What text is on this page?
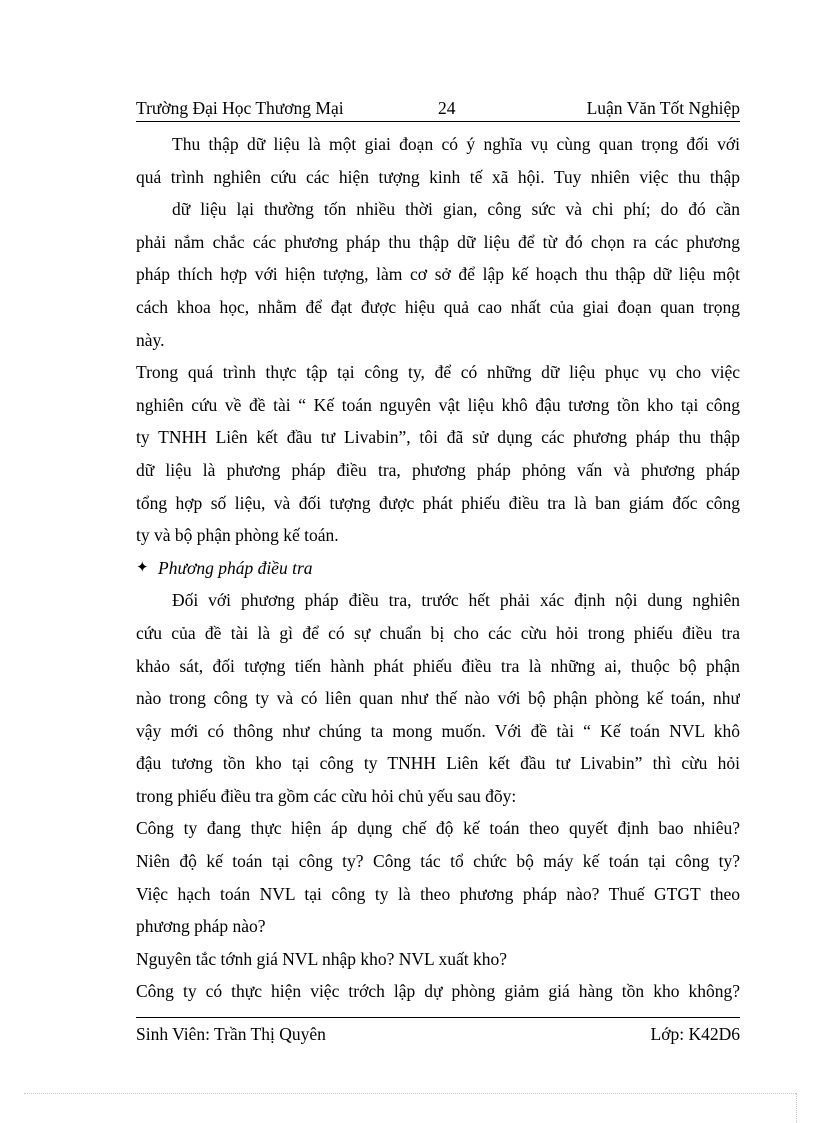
Trường Đại Học Thương Mại	24	Luận Văn Tốt Nghiệp
Thu thập dữ liệu là một giai đoạn có ý nghĩa vụ cùng quan trọng đối với
quá trình nghiên cứu các hiện tượng kinh tế xã hội. Tuy nhiên việc thu thập
dữ liệu lại thường tốn nhiều thời gian, công sức và chi phí; do đó cần
phải nắm chắc các phương pháp thu thập dữ liệu để từ đó chọn ra các phương
pháp thích hợp với hiện tượng, làm cơ sở để lập kế hoạch thu thập dữ liệu một
cách khoa học, nhằm để đạt được hiệu quả cao nhất của giai đoạn quan trọng
này.
Trong quá trình thực tập tại công ty, để có những dữ liệu phục vụ cho việc
nghiên cứu về đề tài “ Kế toán nguyên vật liệu khô đậu tương tồn kho tại công
ty TNHH Liên kết đầu tư Livabin”, tôi đã sử dụng các phương pháp thu thập
dữ liệu là phương pháp điều tra, phương pháp phỏng vấn và phương pháp
tổng hợp số liệu, và đối tượng được phát phiếu điều tra là ban giám đốc công
ty và bộ phận phòng kế toán.
✦ Phương pháp điều tra
Đối với phương pháp điều tra, trước hết phải xác định nội dung nghiên
cứu của đề tài là gì để có sự chuẩn bị cho các cừu hỏi trong phiếu điều tra
khảo sát, đối tượng tiến hành phát phiếu điều tra là những ai, thuộc bộ phận
nào trong công ty và có liên quan như thế nào với bộ phận phòng kế toán, như
vậy mới có thông như chúng ta mong muốn. Với đề tài “ Kế toán NVL khô
đậu tương tồn kho tại công ty TNHH Liên kết đầu tư Livabin” thì cừu hỏi
trong phiếu điều tra gồm các cừu hỏi chủ yếu sau đõy:
Công ty đang thực hiện áp dụng chế độ kế toán theo quyết định bao nhiêu?
Niên độ kế toán tại công ty? Công tác tổ chức bộ máy kế toán tại công ty?
Việc hạch toán NVL tại công ty là theo phương pháp nào? Thuế GTGT theo
phương pháp nào?
Nguyên tắc tớnh giá NVL nhập kho? NVL xuất kho?
Công ty có thực hiện việc trớch lập dự phòng giảm giá hàng tồn kho không?
Sinh Viên: Trần Thị Quyên	Lớp: K42D6
